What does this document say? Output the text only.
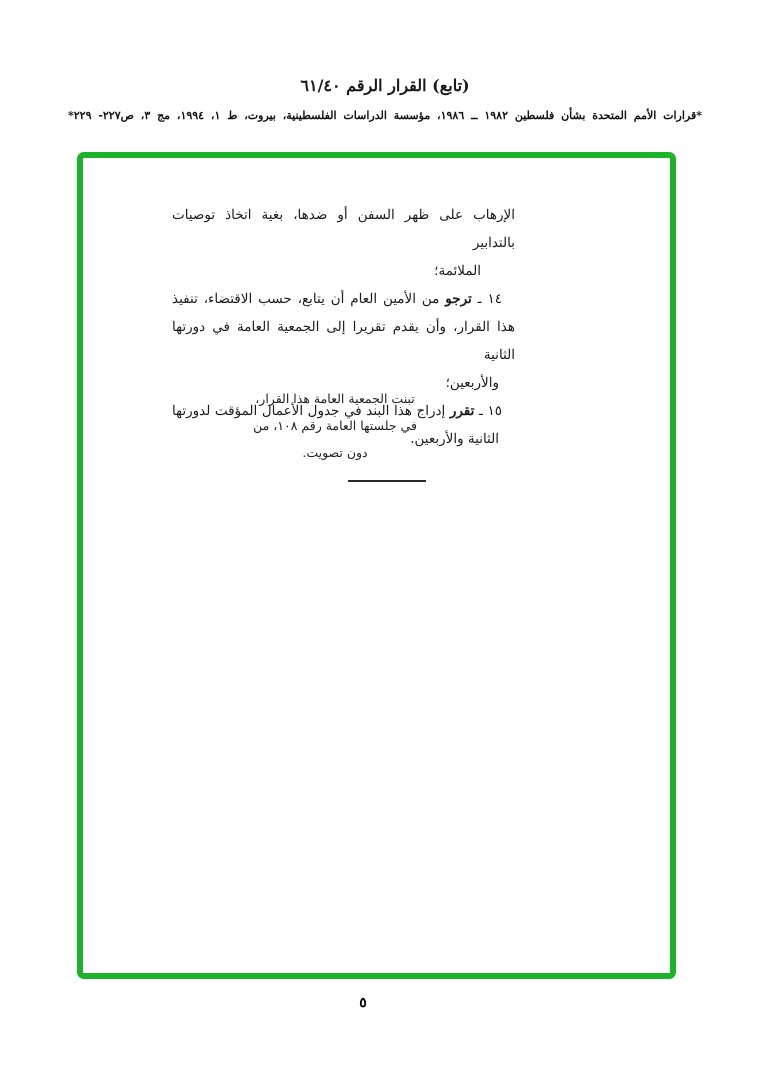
(تابع) القرار الرقم ٦١/٤٠
*قرارات الأمم المتحدة بشأن فلسطين ١٩٨٢ ــ ١٩٨٦، مؤسسة الدراسات الفلسطينية، بيروت، ط ١، ١٩٩٤، مج ٣، ص٢٢٧- ٢٢٩*
الإرهاب على ظهر السفن أو ضدها، بغية اتخاذ توصيات بالتدابير
الملائمة؛
١٤ ـ ترجو من الأمين العام أن يتابع، حسب الاقتضاء، تنفيذ
هذا القرار، وأن يقدم تقريرا إلى الجمعية العامة في دورتها الثانية
والأربعين؛
١٥ ـ تقرر إدراج هذا البند في جدول الأعمال المؤقت لدورتها
الثانية والأربعين.
تبنت الجمعية العامة هذا القرار،
في جلستها العامة رقم ١٠٨، من
دون تصويت.
٥
